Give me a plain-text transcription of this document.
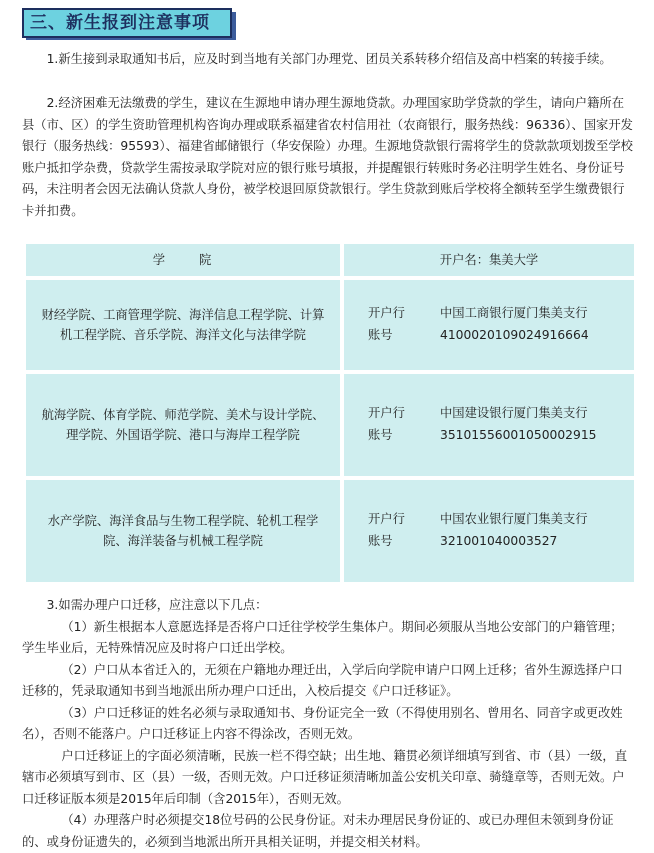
三、新生报到注意事项

1.新生接到录取通知书后，应及时到当地有关部门办理党、团员关系转移介绍信及高中档案的转接手续。

2.经济困难无法缴费的学生，建议在生源地申请办理生源地贷款。办理国家助学贷款的学生，请向户籍所在县（市、区）的学生资助管理机构咨询办理或联系福建省农村信用社（农商银行，服务热线：96336）、国家开发银行（服务热线：95593）、福建省邮储银行（华安保险）办理。生源地贷款银行需将学生的贷款款项划拨至学校账户抵扣学杂费，贷款学生需按录取学院对应的银行账号填报，并提醒银行转账时务必注明学生姓名、身份证号码，未注明者会因无法确认贷款人身份，被学校退回原贷款银行。学生贷款到账后学校将全额转至学生缴费银行卡并扣费。

学	院	开户名：集美大学
财经学院、工商管理学院、海洋信息工程学院、计算机工程学院、音乐学院、海洋文化与法律学院
开户行	中国工商银行厦门集美支行
账号	4100020109024916664
航海学院、体育学院、师范学院、美术与设计学院、理学院、外国语学院、港口与海岸工程学院
开户行	中国建设银行厦门集美支行
账号	35101556001050002915
水产学院、海洋食品与生物工程学院、轮机工程学院、海洋装备与机械工程学院
开户行	中国农业银行厦门集美支行
账号	321001040003527
3.如需办理户口迁移，应注意以下几点：
（1）新生根据本人意愿选择是否将户口迁往学校学生集体户。期间必须服从当地公安部门的户籍管理；学生毕业后，无特殊情况应及时将户口迁出学校。
（2）户口从本省迁入的，无须在户籍地办理迁出，入学后向学院申请户口网上迁移；省外生源选择户口迁移的，凭录取通知书到当地派出所办理户口迁出，入校后提交《户口迁移证》。
（3）户口迁移证的姓名必须与录取通知书、身份证完全一致（不得使用别名、曾用名、同音字或更改姓名），否则不能落户。户口迁移证上内容不得涂改，否则无效。
户口迁移证上的字面必须清晰，民族一栏不得空缺；出生地、籍贯必须详细填写到省、市（县）一级，直辖市必须填写到市、区（县）一级，否则无效。户口迁移证须清晰加盖公安机关印章、骑缝章等，否则无效。户口迁移证版本须是2015年后印制（含2015年），否则无效。
（4）办理落户时必须提交18位号码的公民身份证。对未办理居民身份证的、或已办理但未领到身份证的、或身份证遗失的，必须到当地派出所开具相关证明，并提交相关材料。
